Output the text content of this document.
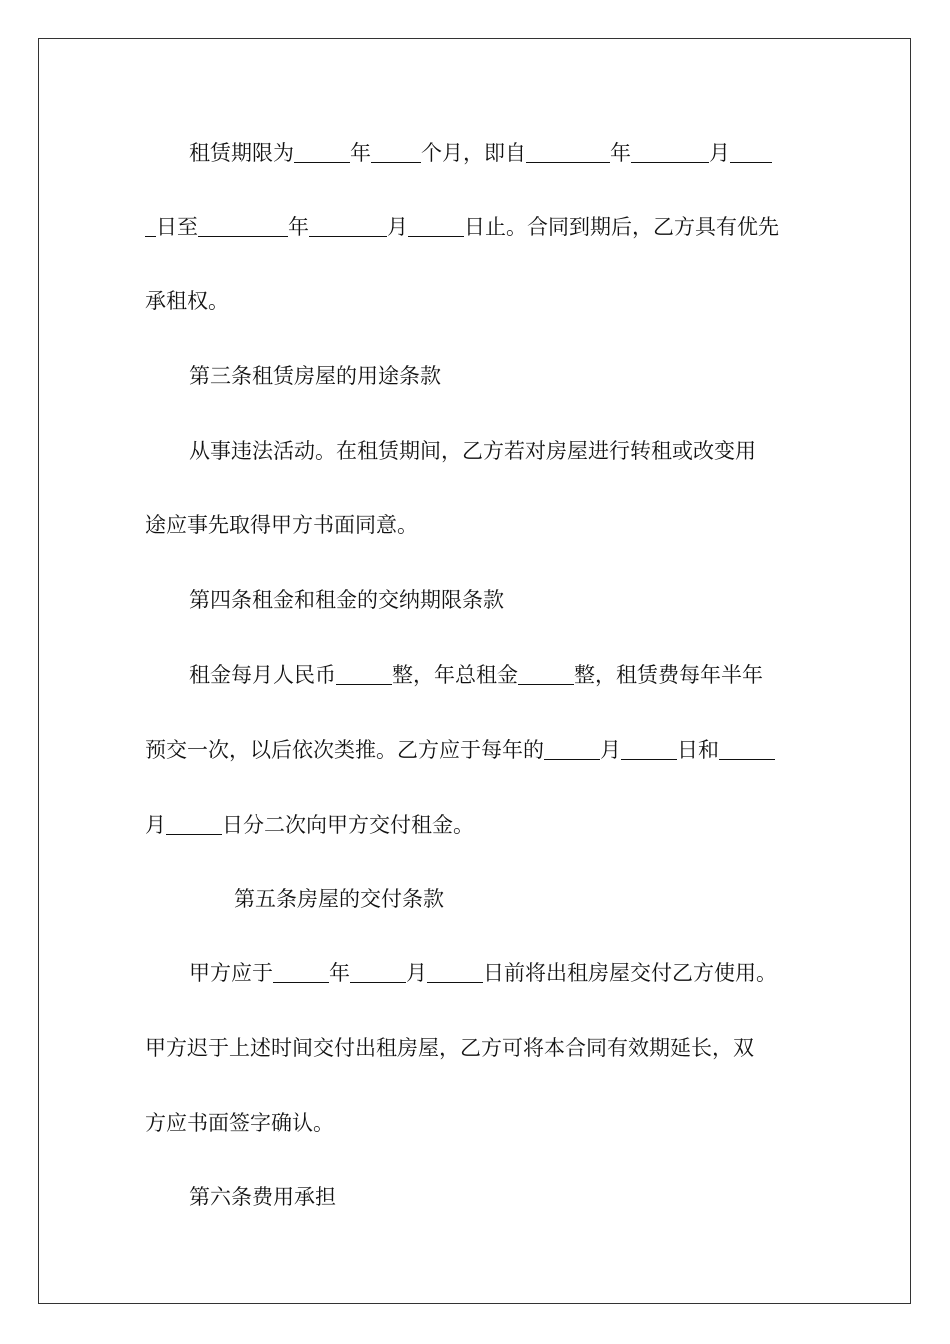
租赁期限为	年 个月，即自	年	月
日至	年	月	日止。合同到期后，乙方具有优先
承租权。
第三条租赁房屋的用途条款
从事违法活动。在租赁期间，乙方若对房屋进行转租或改变用
途应事先取得甲方书面同意。
第四条租金和租金的交纳期限条款
租金每月人民币	整，年总租金	整，租赁费每年半年
预交一次，以后依次类推。乙方应于每年的	月	日和
月	日分二次向甲方交付租金。
第五条房屋的交付条款
甲方应于	年	月	日前将出租房屋交付乙方使用。
甲方迟于上述时间交付出租房屋，乙方可将本合同有效期延长，双
方应书面签字确认。
第六条费用承担
